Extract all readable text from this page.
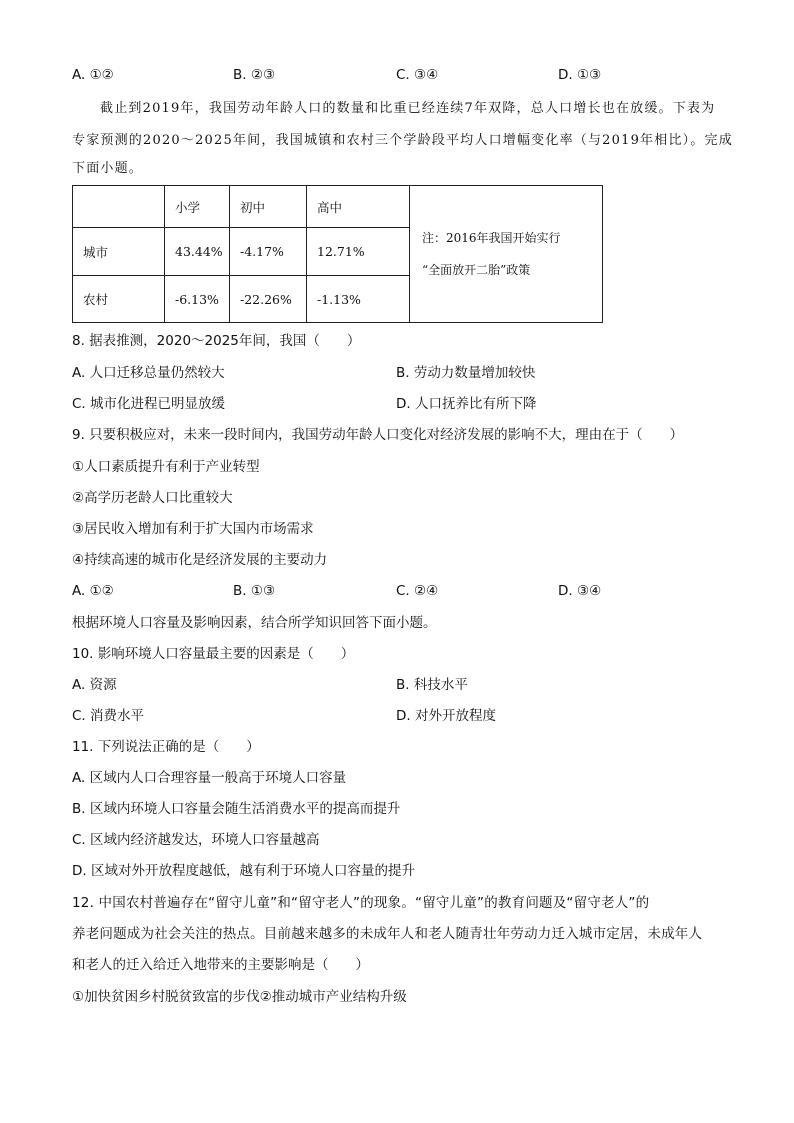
A. ①②	B. ②③	C. ③④	D. ①③
截止到2019年，我国劳动年龄人口的数量和比重已经连续7年双降，总人口增长也在放缓。下表为
专家预测的2020～2025年间，我国城镇和农村三个学龄段平均人口增幅变化率（与2019年相比）。完成
下面小题。
	小学	初中	高中	注：2016年我国开始实行
“全面放开二胎”政策

城市	43.44%	-4.17%	12.71%	
农村	-6.13%	-22.26%	-1.13%	
8. 据表推测，2020～2025年间，我国（　　）
A. 人口迁移总量仍然较大	B. 劳动力数量增加较快
C. 城市化进程已明显放缓	D. 人口抚养比有所下降
9. 只要积极应对，未来一段时间内，我国劳动年龄人口变化对经济发展的影响不大，理由在于（　　）
①人口素质提升有利于产业转型
②高学历老龄人口比重较大
③居民收入增加有利于扩大国内市场需求
④持续高速的城市化是经济发展的主要动力
A. ①②	B. ①③	C. ②④	D. ③④
根据环境人口容量及影响因素，结合所学知识回答下面小题。
10. 影响环境人口容量最主要的因素是（　　）
A. 资源	B. 科技水平
C. 消费水平	D. 对外开放程度
11. 下列说法正确的是（　　）
A. 区域内人口合理容量一般高于环境人口容量
B. 区域内环境人口容量会随生活消费水平的提高而提升
C. 区域内经济越发达，环境人口容量越高
D. 区域对外开放程度越低，越有利于环境人口容量的提升
12. 中国农村普遍存在“留守儿童”和“留守老人”的现象。“留守儿童”的教育问题及“留守老人”的
养老问题成为社会关注的热点。目前越来越多的未成年人和老人随青壮年劳动力迁入城市定居，未成年人
和老人的迁入给迁入地带来的主要影响是（　　）
①加快贫困乡村脱贫致富的步伐②推动城市产业结构升级
